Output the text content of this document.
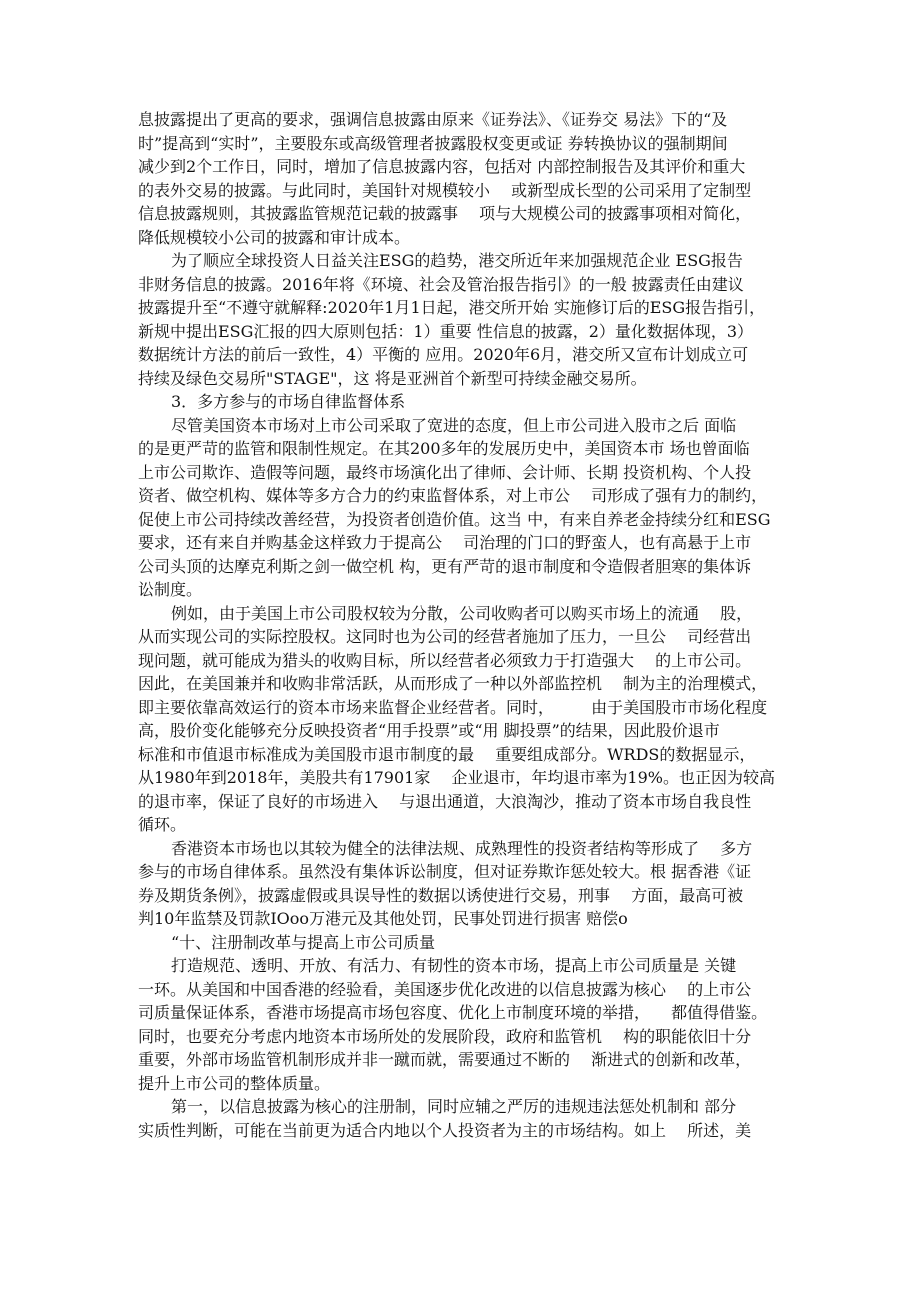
息披露提出了更高的要求，强调信息披露由原来《证券法》、《证券交 易法》下的“及
时”提高到“实时”，主要股东或高级管理者披露股权变更或证 券转换协议的强制期间
减少到2个工作日，同时，增加了信息披露内容，包括对 内部控制报告及其评价和重大
的表外交易的披露。与此同时，美国针对规模较小 　或新型成长型的公司采用了定制型
信息披露规则，其披露监管规范记载的披露事 　项与大规模公司的披露事项相对简化，
降低规模较小公司的披露和审计成本。
为了顺应全球投资人日益关注ESG的趋势，港交所近年来加强规范企业 ESG报告
非财务信息的披露。2016年将《环境、社会及管治报告指引》的一般 披露责任由建议
披露提升至“不遵守就解释:2020年1月1日起，港交所开始 实施修订后的ESG报告指引，
新规中提出ESG汇报的四大原则包括：1）重要 性信息的披露，2）量化数据体现，3）
数据统计方法的前后一致性，4）平衡的 应用。2020年6月，港交所又宣布计划成立可
持续及绿色交易所"STAGE"，这 将是亚洲首个新型可持续金融交易所。
3．多方参与的市场自律监督体系
尽管美国资本市场对上市公司采取了宽进的态度，但上市公司进入股市之后 面临
的是更严苛的监管和限制性规定。在其200多年的发展历史中，美国资本市 场也曾面临
上市公司欺诈、造假等问题，最终市场演化出了律师、会计师、长期 投资机构、个人投
资者、做空机构、媒体等多方合力的约束监督体系，对上市公 　司形成了强有力的制约，
促使上市公司持续改善经营，为投资者创造价值。这当 中，有来自养老金持续分红和ESG
要求，还有来自并购基金这样致力于提高公 　司治理的门口的野蛮人，也有高悬于上市
公司头顶的达摩克利斯之剑一做空机 构，更有严苛的退市制度和令造假者胆寒的集体诉
讼制度。
例如，由于美国上市公司股权较为分散，公司收购者可以购买市场上的流通 　股，
从而实现公司的实际控股权。这同时也为公司的经营者施加了压力，一旦公 　司经营出
现问题，就可能成为猎头的收购目标，所以经营者必须致力于打造强大 　的上市公司。
因此，在美国兼并和收购非常活跃，从而形成了一种以外部监控机 　制为主的治理模式，
即主要依靠高效运行的资本市场来监督企业经营者。同时， 　　由于美国股市市场化程度
高，股价变化能够充分反映投资者“用手投票”或“用 脚投票”的结果，因此股价退市
标准和市值退市标准成为美国股市退市制度的最 　重要组成部分。WRDS的数据显示，
从1980年到2018年，美股共有17901家 　企业退市，年均退市率为19%。也正因为较高
的退市率，保证了良好的市场进入 　与退出通道，大浪淘沙，推动了资本市场自我良性
循环。
香港资本市场也以其较为健全的法律法规、成熟理性的投资者结构等形成了 　多方
参与的市场自律体系。虽然没有集体诉讼制度，但对证券欺诈惩处较大。根 据香港《证
券及期货条例》，披露虚假或具误导性的数据以诱使进行交易，刑事 　方面，最高可被
判10年监禁及罚款IOoo万港元及其他处罚，民事处罚进行损害 赔偿o
“十、注册制改革与提高上市公司质量
打造规范、透明、开放、有活力、有韧性的资本市场，提高上市公司质量是 关键
一环。从美国和中国香港的经验看，美国逐步优化改进的以信息披露为核心 　的上市公
司质量保证体系，香港市场提高市场包容度、优化上市制度环境的举措， 　都值得借鉴。
同时，也要充分考虑内地资本市场所处的发展阶段，政府和监管机 　构的职能依旧十分
重要，外部市场监管机制形成并非一蹴而就，需要通过不断的 　渐进式的创新和改革，
提升上市公司的整体质量。
第一，以信息披露为核心的注册制，同时应辅之严厉的违规违法惩处机制和 部分
实质性判断，可能在当前更为适合内地以个人投资者为主的市场结构。如上 　所述，美
